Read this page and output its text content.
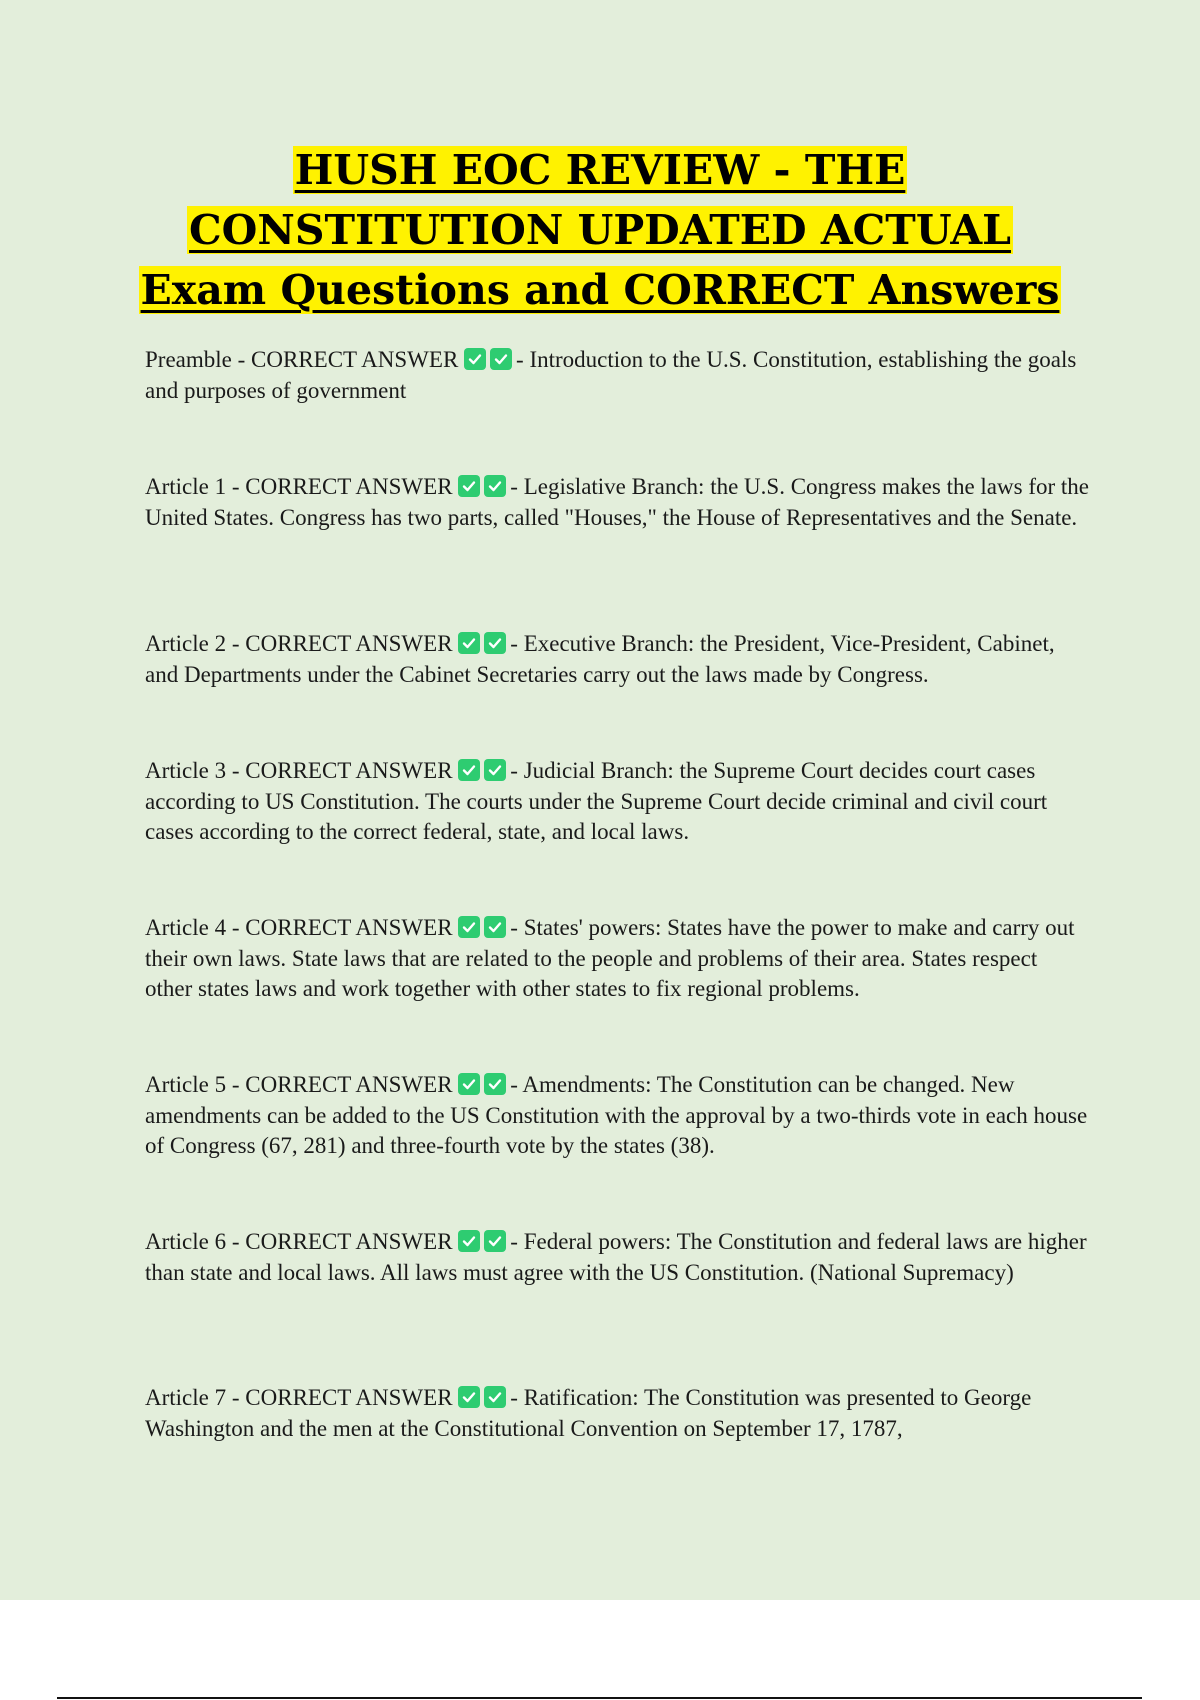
HUSH EOC REVIEW - THE
CONSTITUTION UPDATED ACTUAL
Exam Questions and CORRECT Answers

Preamble - CORRECT ANSWER	- Introduction to the U.S. Constitution, establishing the goals and purposes of government

Article 1 - CORRECT ANSWER	- Legislative Branch: the U.S. Congress makes the laws for the United States. Congress has two parts, called "Houses," the House of Representatives and the Senate.

Article 2 - CORRECT ANSWER	- Executive Branch: the President, Vice-President, Cabinet, and Departments under the Cabinet Secretaries carry out the laws made by Congress.

Article 3 - CORRECT ANSWER	- Judicial Branch: the Supreme Court decides court cases according to US Constitution. The courts under the Supreme Court decide criminal and civil court cases according to the correct federal, state, and local laws.

Article 4 - CORRECT ANSWER	- States' powers: States have the power to make and carry out their own laws. State laws that are related to the people and problems of their area. States respect other states laws and work together with other states to fix regional problems.

Article 5 - CORRECT ANSWER	- Amendments: The Constitution can be changed. New amendments can be added to the US Constitution with the approval by a two-thirds vote in each house of Congress (67, 281) and three-fourth vote by the states (38).

Article 6 - CORRECT ANSWER	- Federal powers: The Constitution and federal laws are higher than state and local laws. All laws must agree with the US Constitution. (National Supremacy)

Article 7 - CORRECT ANSWER	- Ratification: The Constitution was presented to George Washington and the men at the Constitutional Convention on September 17, 1787,
